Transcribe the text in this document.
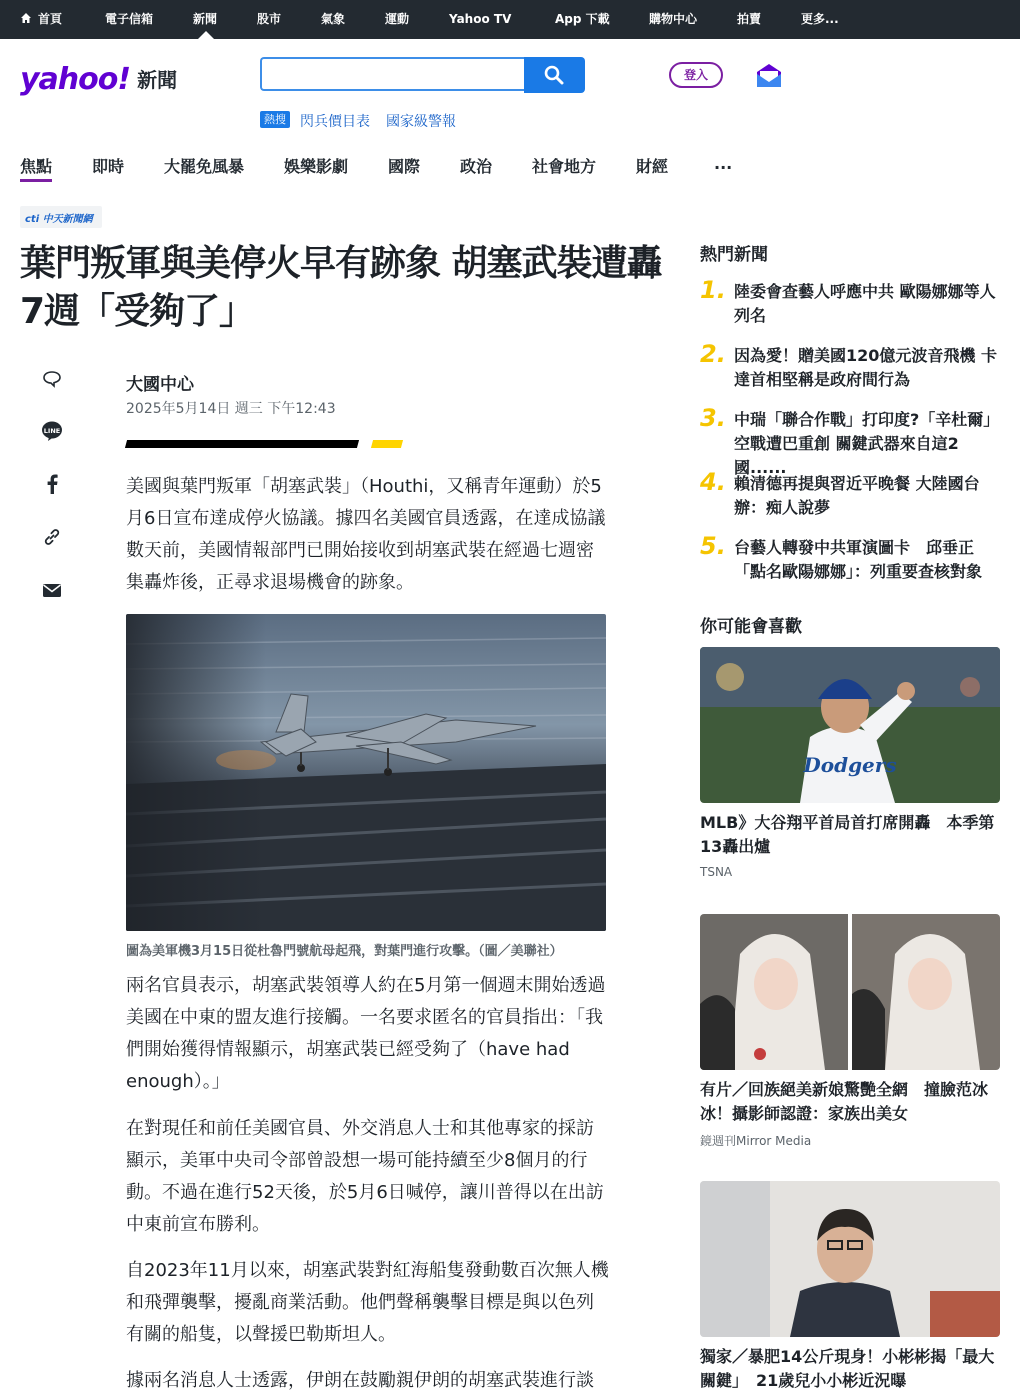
首頁	電子信箱	新聞	股市	氣象	運動	Yahoo TV	App 下載	購物中心	拍賣	更多...
yahoo! 新聞	登入
熱搜 閃兵價目表 國家級警報
焦點 即時 大罷免風暴 娛樂影劇 國際 政治 社會地方 財經	...
cti 中天新聞網
葉門叛軍與美停火早有跡象 胡塞武裝遭轟
7週「受夠了」
LINE
大國中心
2025年5月14日 週三 下午12:43

美國與葉門叛軍「胡塞武裝」（Houthi，又稱青年運動）於5月6日宣布達成停火協議。據四名美國官員透露，在達成協議數天前，美國情報部門已開始接收到胡塞武裝在經過七週密集轟炸後，正尋求退場機會的跡象。

圖為美軍機3月15日從杜魯門號航母起飛，對葉門進行攻擊。（圖／美聯社）

兩名官員表示，胡塞武裝領導人約在5月第一個週末開始透過美國在中東的盟友進行接觸。一名要求匿名的官員指出：「我們開始獲得情報顯示，胡塞武裝已經受夠了（have had enough）。」

在對現任和前任美國官員、外交消息人士和其他專家的採訪顯示，美軍中央司令部曾設想一場可能持續至少8個月的行動。不過在進行52天後，於5月6日喊停，讓川普得以在出訪中東前宣布勝利。

自2023年11月以來，胡塞武裝對紅海船隻發動數百次無人機和飛彈襲擊，擾亂商業活動。他們聲稱襲擊目標是與以色列有關的船隻，以聲援巴勒斯坦人。

據兩名消息人士透露，伊朗在鼓勵親伊朗的胡塞武裝進行談

熱門新聞
1. 陸委會查藝人呼應中共 歐陽娜娜等人列名
2. 因為愛！贈美國120億元波音飛機 卡達首相堅稱是政府間行為
3. 中瑞「聯合作戰」打印度?「辛杜爾」空戰遭巴重創 關鍵武器來自這2國......
4. 賴清德再提與習近平晚餐 大陸國台辦：痴人說夢
5. 台藝人轉發中共軍演圖卡　邱垂正「點名歐陽娜娜」：列重要查核對象
你可能會喜歡
Dodgers
MLB》大谷翔平首局首打席開轟　本季第13轟出爐
TSNA
有片／回族絕美新娘驚艷全網　撞臉范冰冰！攝影師認證：家族出美女
鏡週刊Mirror Media
獨家／暴肥14公斤現身！小彬彬揭「最大關鍵」　21歲兒小小彬近況曝
